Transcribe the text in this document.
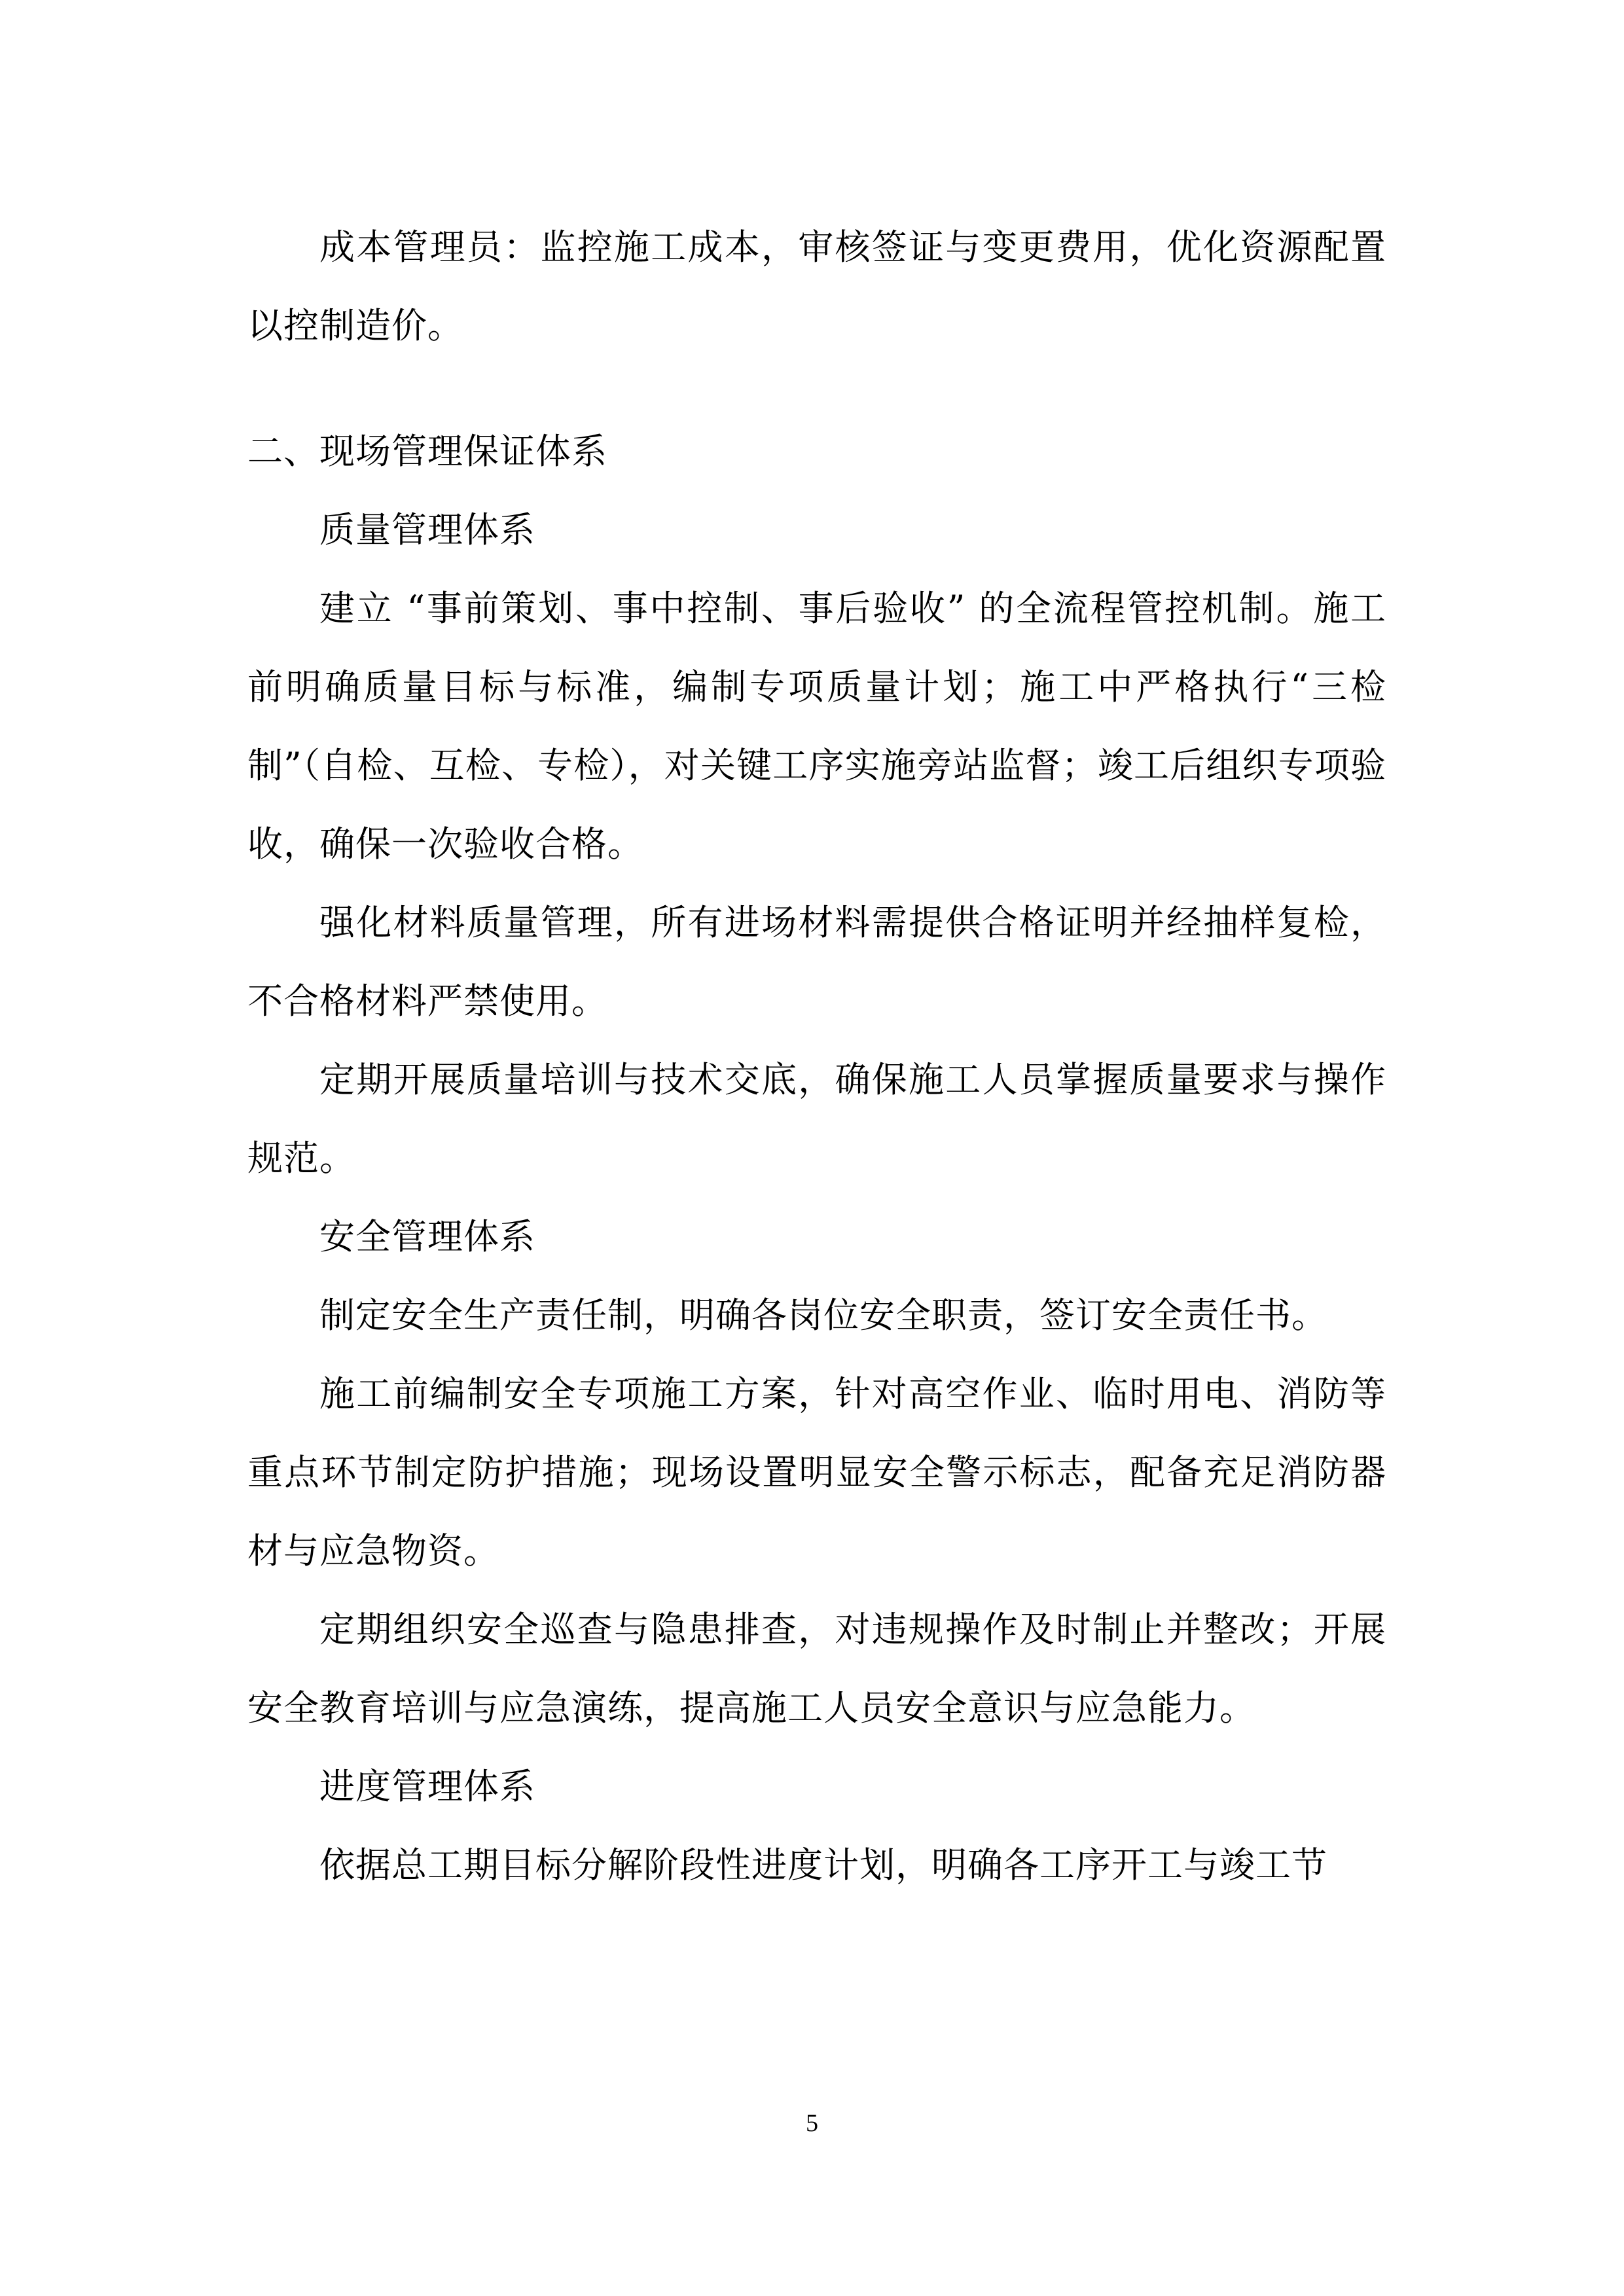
成本管理员：监控施工成本，审核签证与变更费用，优化资源配置以控制造价。

二、现场管理保证体系

质量管理体系

建立 “事前策划、事中控制、事后验收” 的全流程管控机制。施工前明确质量目标与标准，编制专项质量计划；施工中严格执行“三检制”（自检、互检、专检），对关键工序实施旁站监督；竣工后组织专项验收，确保一次验收合格。

强化材料质量管理，所有进场材料需提供合格证明并经抽样复检，不合格材料严禁使用。

定期开展质量培训与技术交底，确保施工人员掌握质量要求与操作规范。

安全管理体系

制定安全生产责任制，明确各岗位安全职责，签订安全责任书。

施工前编制安全专项施工方案，针对高空作业、临时用电、消防等重点环节制定防护措施；现场设置明显安全警示标志，配备充足消防器材与应急物资。

定期组织安全巡查与隐患排查，对违规操作及时制止并整改；开展安全教育培训与应急演练，提高施工人员安全意识与应急能力。

进度管理体系

依据总工期目标分解阶段性进度计划，明确各工序开工与竣工节

5
